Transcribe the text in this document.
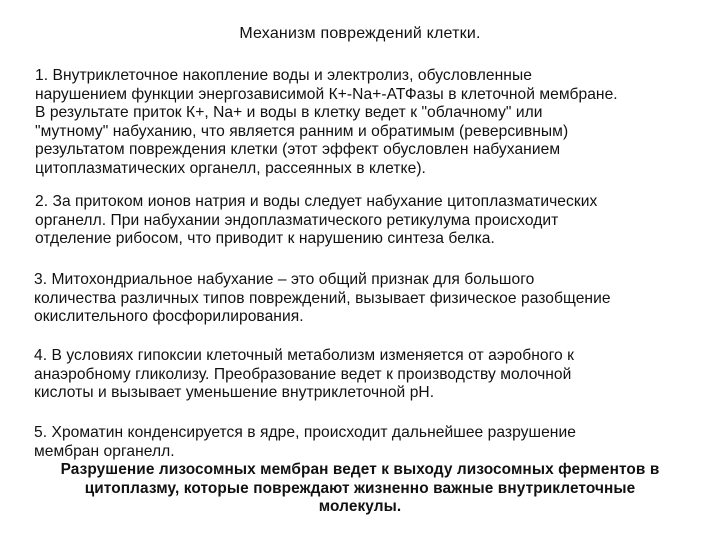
Механизм повреждений клетки.

1. Внутриклеточное накопление воды и электролиз, обусловленные
нарушением функции энергозависимой К+-Na+-АТФазы в клеточной мембране.

В результате приток К+, Na+ и воды в клетку ведет к "облачному" или
"мутному" набуханию, что является ранним и обратимым (реверсивным)
результатом повреждения клетки (этот эффект обусловлен набуханием
цитоплазматических органелл, рассеянных в клетке).

2. За притоком ионов натрия и воды следует набухание цитоплазматических
органелл. При набухании эндоплазматического ретикулума происходит
отделение рибосом, что приводит к нарушению синтеза белка.

3. Митохондриальное набухание – это общий признак для большого
количества различных типов повреждений, вызывает физическое разобщение
окислительного фосфорилирования.

4. В условиях гипоксии клеточный метаболизм изменяется от аэробного к
анаэробному гликолизу. Преобразование ведет к производству молочной
кислоты и вызывает уменьшение внутриклеточной pH.

5. Хроматин конденсируется в ядре, происходит дальнейшее разрушение
мембран органелл.

Разрушение лизосомных мембран ведет к выходу лизосомных ферментов в
цитоплазму, которые повреждают жизненно важные внутриклеточные
молекулы.
